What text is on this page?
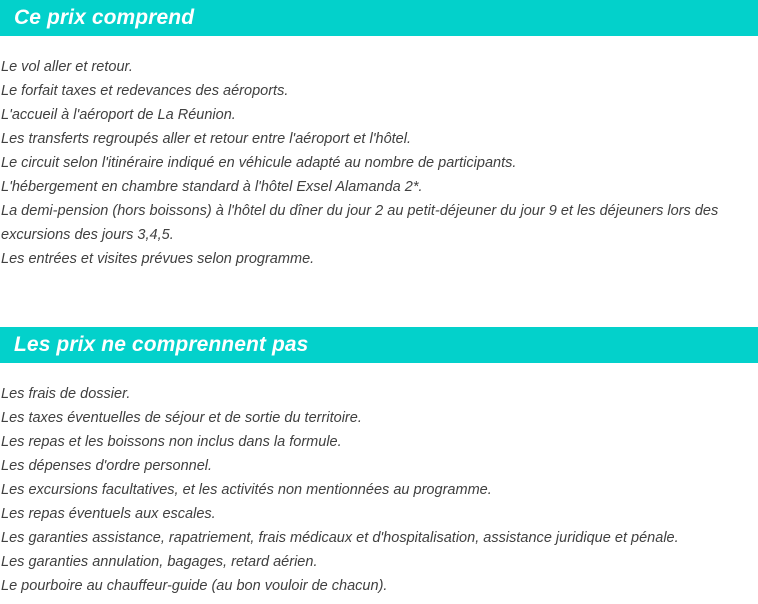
Ce prix comprend

Le vol aller et retour.

Le forfait taxes et redevances des aéroports.

L'accueil à l'aéroport de La Réunion.

Les transferts regroupés aller et retour entre l'aéroport et l'hôtel.

Le circuit selon l'itinéraire indiqué en véhicule adapté au nombre de participants.

L'hébergement en chambre standard à l'hôtel Exsel Alamanda 2*.

La demi-pension (hors boissons) à l'hôtel du dîner du jour 2 au petit-déjeuner du jour 9 et les déjeuners lors des excursions des jours 3,4,5.

Les entrées et visites prévues selon programme.

Les prix ne comprennent pas

Les frais de dossier.

Les taxes éventuelles de séjour et de sortie du territoire.

Les repas et les boissons non inclus dans la formule.

Les dépenses d'ordre personnel.

Les excursions facultatives, et les activités non mentionnées au programme.

Les repas éventuels aux escales.

Les garanties assistance, rapatriement, frais médicaux et d'hospitalisation, assistance juridique et pénale.

Les garanties annulation, bagages, retard aérien.

Le pourboire au chauffeur-guide (au bon vouloir de chacun).
